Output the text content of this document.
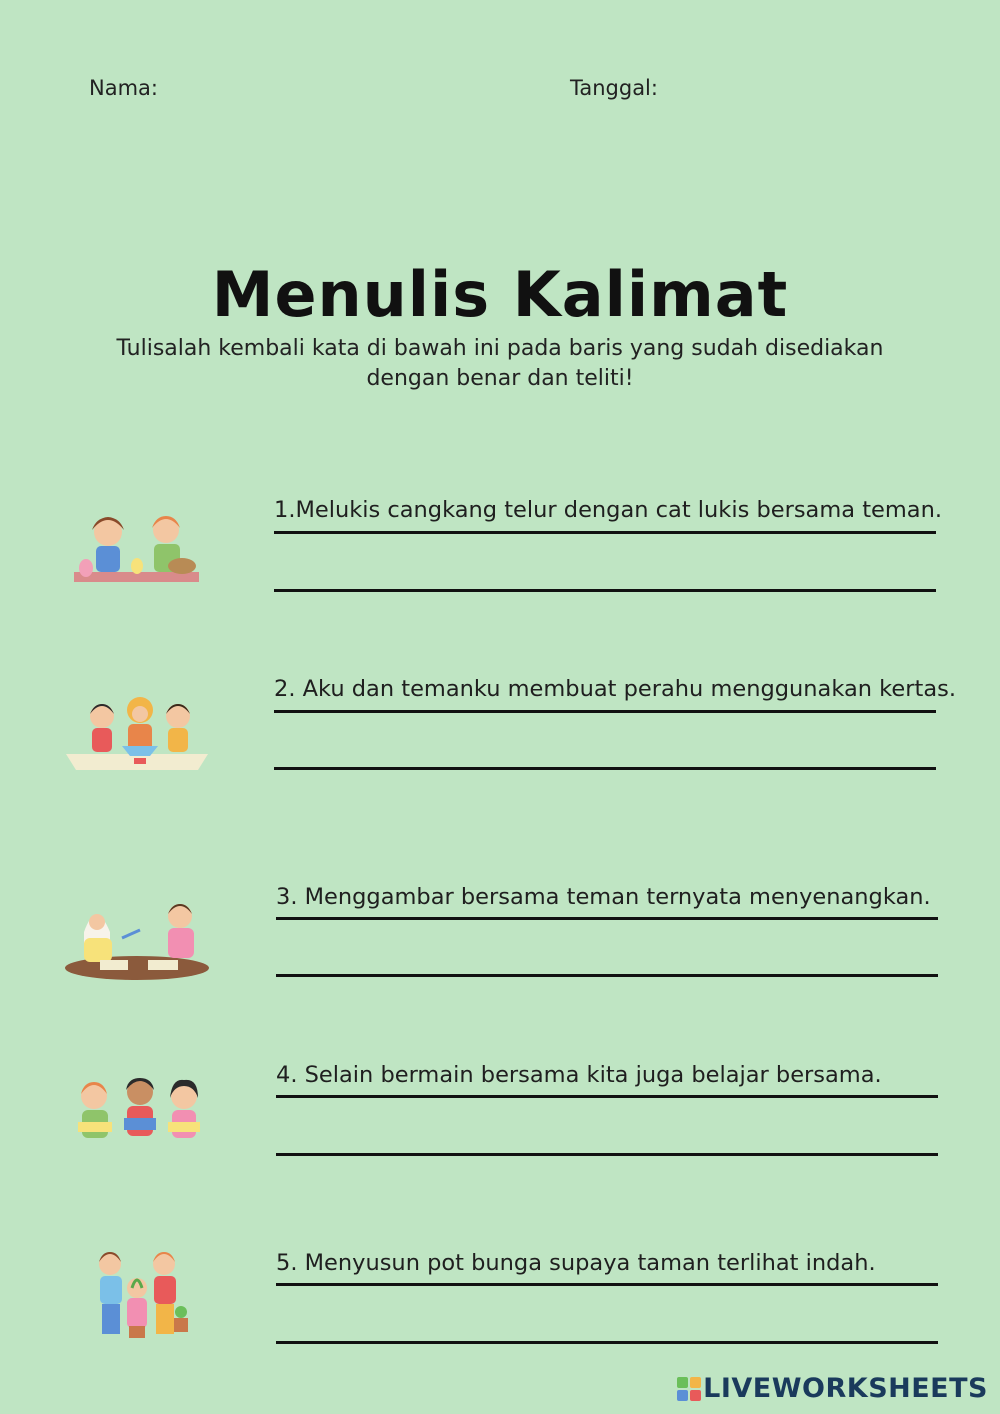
Nama:	Tanggal:
Menulis Kalimat
Tulisalah kembali kata di bawah ini pada baris yang sudah disediakan dengan benar dan teliti!
1.Melukis cangkang telur dengan cat lukis bersama teman.
2. Aku dan temanku membuat perahu menggunakan kertas.
3. Menggambar bersama teman ternyata menyenangkan.
4. Selain bermain bersama kita juga belajar bersama.
5. Menyusun pot bunga supaya taman terlihat indah.
LIVEWORKSHEETS
